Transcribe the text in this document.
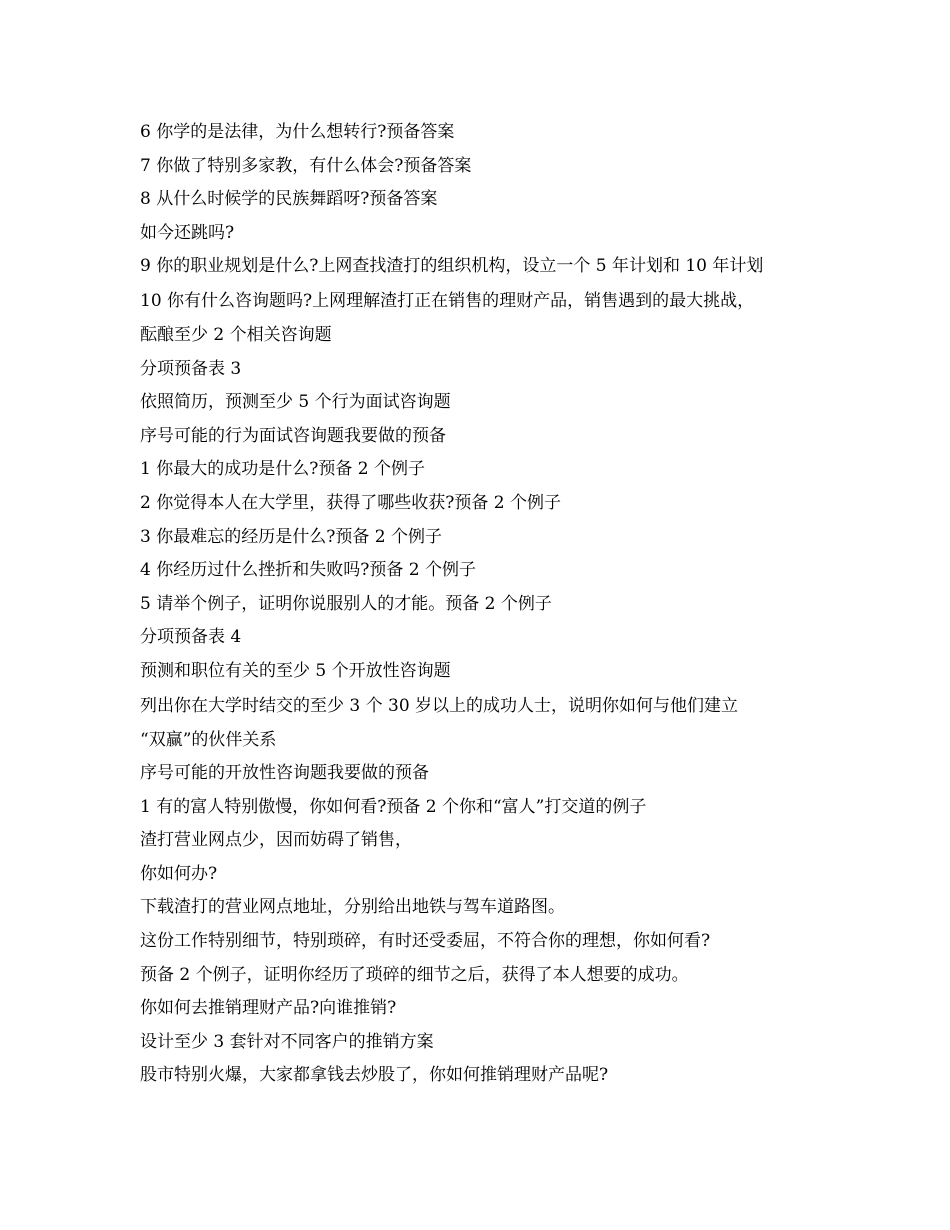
6 你学的是法律，为什么想转行?预备答案
7 你做了特别多家教，有什么体会?预备答案
8 从什么时候学的民族舞蹈呀?预备答案
如今还跳吗?
9 你的职业规划是什么?上网查找渣打的组织机构，设立一个 5 年计划和 10 年计划
10 你有什么咨询题吗?上网理解渣打正在销售的理财产品，销售遇到的最大挑战，
酝酿至少 2 个相关咨询题
分项预备表 3
依照简历，预测至少 5 个行为面试咨询题
序号可能的行为面试咨询题我要做的预备
1 你最大的成功是什么?预备 2 个例子
2 你觉得本人在大学里，获得了哪些收获?预备 2 个例子
3 你最难忘的经历是什么?预备 2 个例子
4 你经历过什么挫折和失败吗?预备 2 个例子
5 请举个例子，证明你说服别人的才能。预备 2 个例子
分项预备表 4
预测和职位有关的至少 5 个开放性咨询题
列出你在大学时结交的至少 3 个 30 岁以上的成功人士，说明你如何与他们建立
“双赢”的伙伴关系
序号可能的开放性咨询题我要做的预备
1 有的富人特别傲慢，你如何看?预备 2 个你和“富人”打交道的例子
渣打营业网点少，因而妨碍了销售，
你如何办?
下载渣打的营业网点地址，分别给出地铁与驾车道路图。
这份工作特别细节，特别琐碎，有时还受委屈，不符合你的理想，你如何看?
预备 2 个例子，证明你经历了琐碎的细节之后，获得了本人想要的成功。
你如何去推销理财产品?向谁推销?
设计至少 3 套针对不同客户的推销方案
股市特别火爆，大家都拿钱去炒股了，你如何推销理财产品呢?
